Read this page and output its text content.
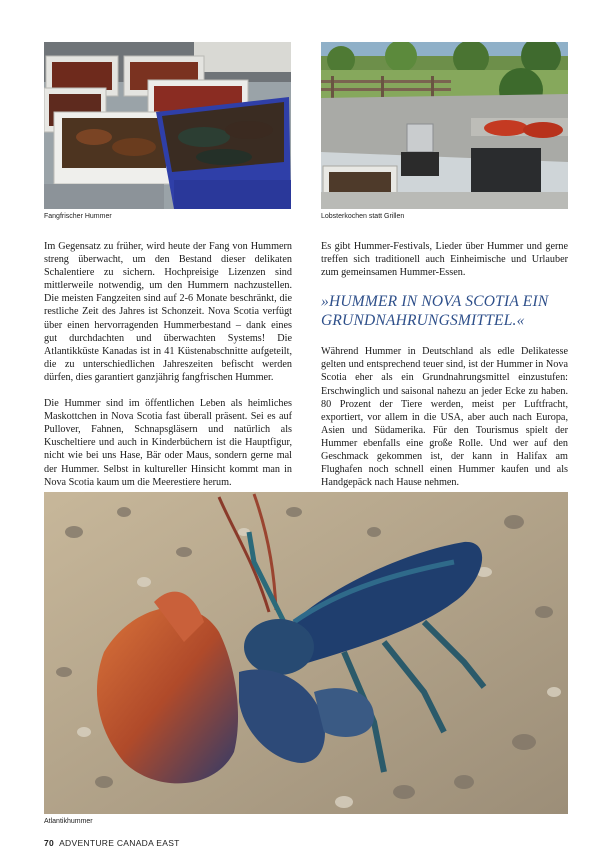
Fangfrischer Hummer	Lobsterkochen statt Grillen

Im Gegensatz zu früher, wird heute der Fang von Hummern streng überwacht, um den Bestand dieser delikaten Schalentiere zu sichern. Hochpreisige Lizenzen sind mittlerweile notwendig, um den Hummern nachzustellen. Die meisten Fangzeiten sind auf 2-6 Monate beschränkt, die restliche Zeit des Jahres ist Schonzeit. Nova Scotia verfügt über einen hervorragenden Hummerbestand – dank eines gut durchdachten und überwachten Systems! Die Atlantikküste Kanadas ist in 41 Küstenabschnitte aufgeteilt, die zu unterschiedlichen Jahreszeiten befischt werden dürfen, dies garantiert ganzjährig fangfrischen Hummer.

Die Hummer sind im öffentlichen Leben als heimliches Maskottchen in Nova Scotia fast überall präsent. Sei es auf Pullover, Fahnen, Schnapsgläsern und natürlich als Kuscheltiere und auch in Kinderbüchern ist die Hauptfigur, nicht wie bei uns Hase, Bär oder Maus, sondern gerne mal der Hummer. Selbst in kultureller Hinsicht kommt man in Nova Scotia kaum um die Meerestiere herum.

Es gibt Hummer-Festivals, Lieder über Hummer und gerne treffen sich traditionell auch Einheimische und Urlauber zum gemeinsamen Hummer-Essen.

»HUMMER IN NOVA SCOTIA EIN GRUNDNAHRUNGSMITTEL.«

Während Hummer in Deutschland als edle Delikatesse gelten und entsprechend teuer sind, ist der Hummer in Nova Scotia eher als ein Grundnahrungsmittel einzustufen: Erschwinglich und saisonal nahezu an jeder Ecke zu haben. 80 Prozent der Tiere werden, meist per Luftfracht, exportiert, vor allem in die USA, aber auch nach Europa, Asien und Südamerika. Für den Tourismus spielt der Hummer ebenfalls eine große Rolle. Und wer auf den Geschmack gekommen ist, der kann in Halifax am Flughafen noch schnell einen Hummer kaufen und als Handgepäck nach Hause nehmen.

Atlantikhummer
70 ADVENTURE CANADA EAST
